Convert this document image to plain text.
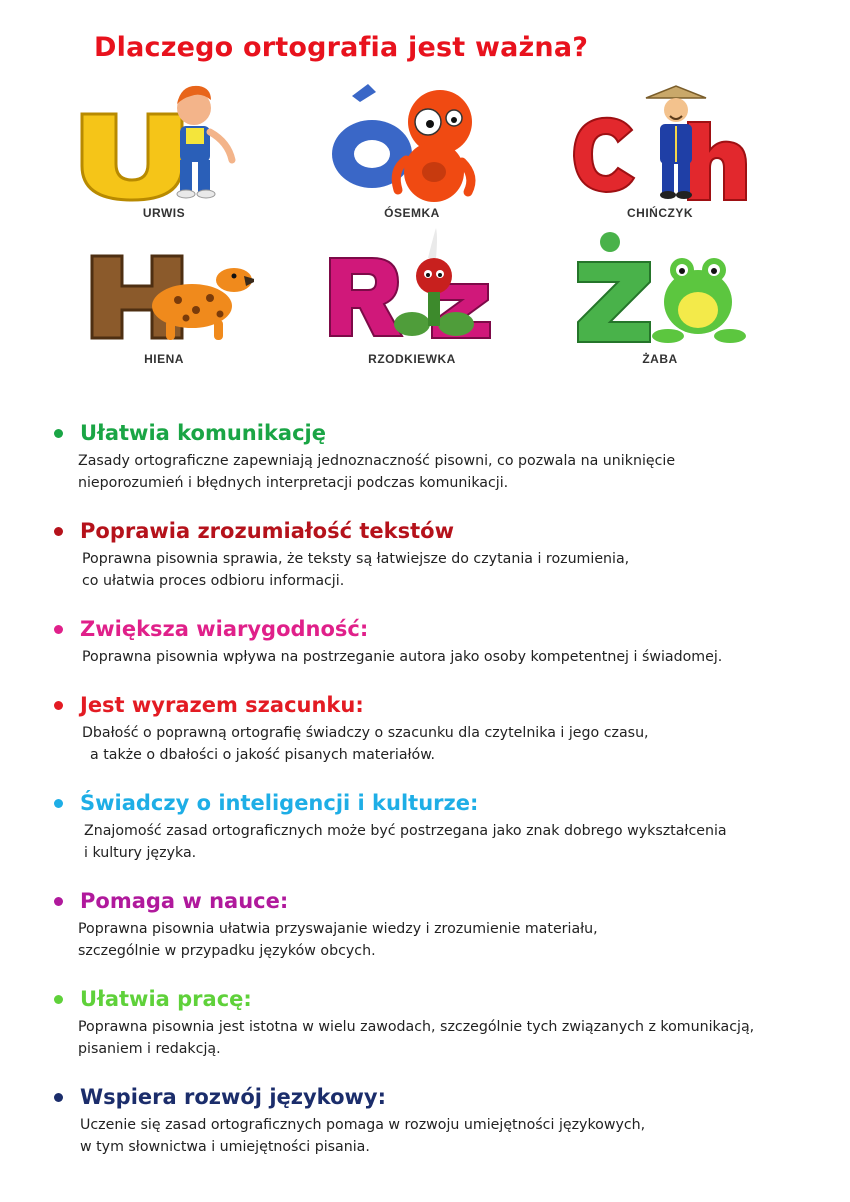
Dlaczego ortografia jest ważna?
URWIS	ÓSEMKA	CHIŃCZYK
HIENA	RZODKIEWKA	ŻABA
Ułatwia komunikację
Zasady ortograficzne zapewniają jednoznaczność pisowni, co pozwala na uniknięcie
nieporozumień i błędnych interpretacji podczas komunikacji.
Poprawia zrozumiałość tekstów
Poprawna pisownia sprawia, że teksty są łatwiejsze do czytania i rozumienia,
co ułatwia proces odbioru informacji.
Zwiększa wiarygodność:
Poprawna pisownia wpływa na postrzeganie autora jako osoby kompetentnej i świadomej.
Jest wyrazem szacunku:
Dbałość o poprawną ortografię świadczy o szacunku dla czytelnika i jego czasu,
a także o dbałości o jakość pisanych materiałów.
Świadczy o inteligencji i kulturze:
Znajomość zasad ortograficznych może być postrzegana jako znak dobrego wykształcenia
i kultury języka.
Pomaga w nauce:
Poprawna pisownia ułatwia przyswajanie wiedzy i zrozumienie materiału,
szczególnie w przypadku języków obcych.
Ułatwia pracę:
Poprawna pisownia jest istotna w wielu zawodach, szczególnie tych związanych z komunikacją,
pisaniem i redakcją.
Wspiera rozwój językowy:
Uczenie się zasad ortograficznych pomaga w rozwoju umiejętności językowych,
w tym słownictwa i umiejętności pisania.
